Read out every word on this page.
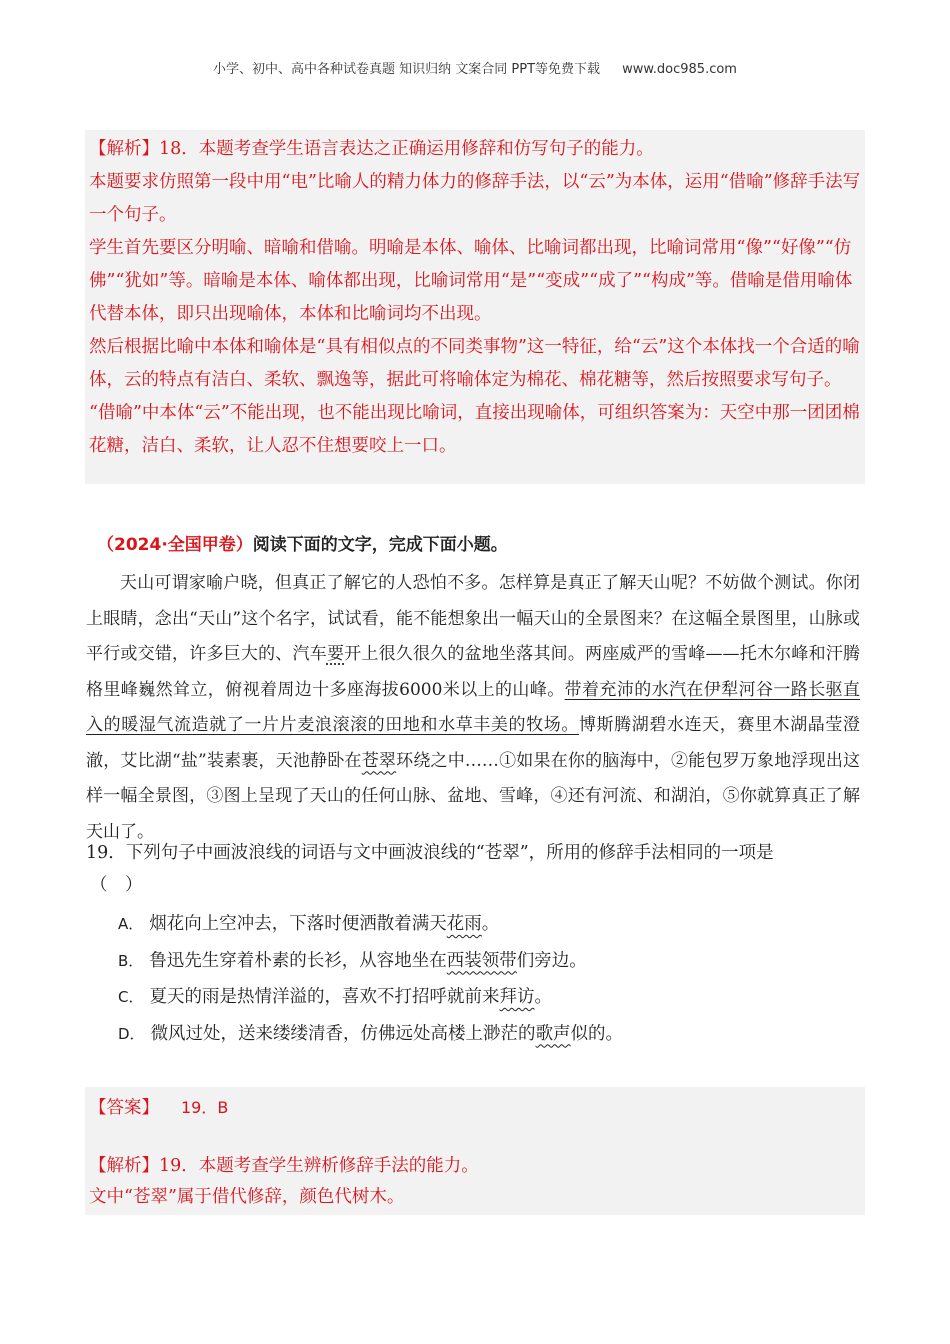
小学、初中、高中各种试卷真题 知识归纳 文案合同 PPT等免费下载 www.doc985.com

【解析】18．本题考查学生语言表达之正确运用修辞和仿写句子的能力。

本题要求仿照第一段中用“电”比喻人的精力体力的修辞手法，以“云”为本体，运用“借喻”修辞手法写一个句子。

学生首先要区分明喻、暗喻和借喻。明喻是本体、喻体、比喻词都出现，比喻词常用“像”“好像”“仿佛”“犹如”等。暗喻是本体、喻体都出现，比喻词常用“是”“变成”“成了”“构成”等。借喻是借用喻体代替本体，即只出现喻体，本体和比喻词均不出现。

然后根据比喻中本体和喻体是“具有相似点的不同类事物”这一特征，给“云”这个本体找一个合适的喻体，云的特点有洁白、柔软、飘逸等，据此可将喻体定为棉花、棉花糖等，然后按照要求写句子。

“借喻”中本体“云”不能出现，也不能出现比喻词，直接出现喻体，可组织答案为：天空中那一团团棉花糖，洁白、柔软，让人忍不住想要咬上一口。

（2024·全国甲卷）阅读下面的文字，完成下面小题。

天山可谓家喻户晓，但真正了解它的人恐怕不多。怎样算是真正了解天山呢？不妨做个测试。你闭上眼睛，念出“天山”这个名字，试试看，能不能想象出一幅天山的全景图来？在这幅全景图里，山脉或平行或交错，许多巨大的、汽车要开上很久很久的盆地坐落其间。两座威严的雪峰——托木尔峰和汗腾格里峰巍然耸立，俯视着周边十多座海拔6000米以上的山峰。带着充沛的水汽在伊犁河谷一路长驱直入的暖湿气流造就了一片片麦浪滚滚的田地和水草丰美的牧场。博斯腾湖碧水连天，赛里木湖晶莹澄澈，艾比湖“盐”装素裹，天池静卧在苍翠环绕之中……①如果在你的脑海中，②能包罗万象地浮现出这样一幅全景图，③图上呈现了天山的任何山脉、盆地、雪峰，④还有河流、和湖泊，⑤你就算真正了解天山了。

19．下列句子中画波浪线的词语与文中画波浪线的“苍翠”，所用的修辞手法相同的一项是

（　）

A． 烟花向上空冲去，下落时便洒散着满天花雨。
B． 鲁迅先生穿着朴素的长衫，从容地坐在西装领带们旁边。
C． 夏天的雨是热情洋溢的，喜欢不打招呼就前来拜访。
D． 微风过处，送来缕缕清香，仿佛远处高楼上渺茫的歌声似的。
【答案】 19．B

【解析】19．本题考查学生辨析修辞手法的能力。

文中“苍翠”属于借代修辞，颜色代树木。
